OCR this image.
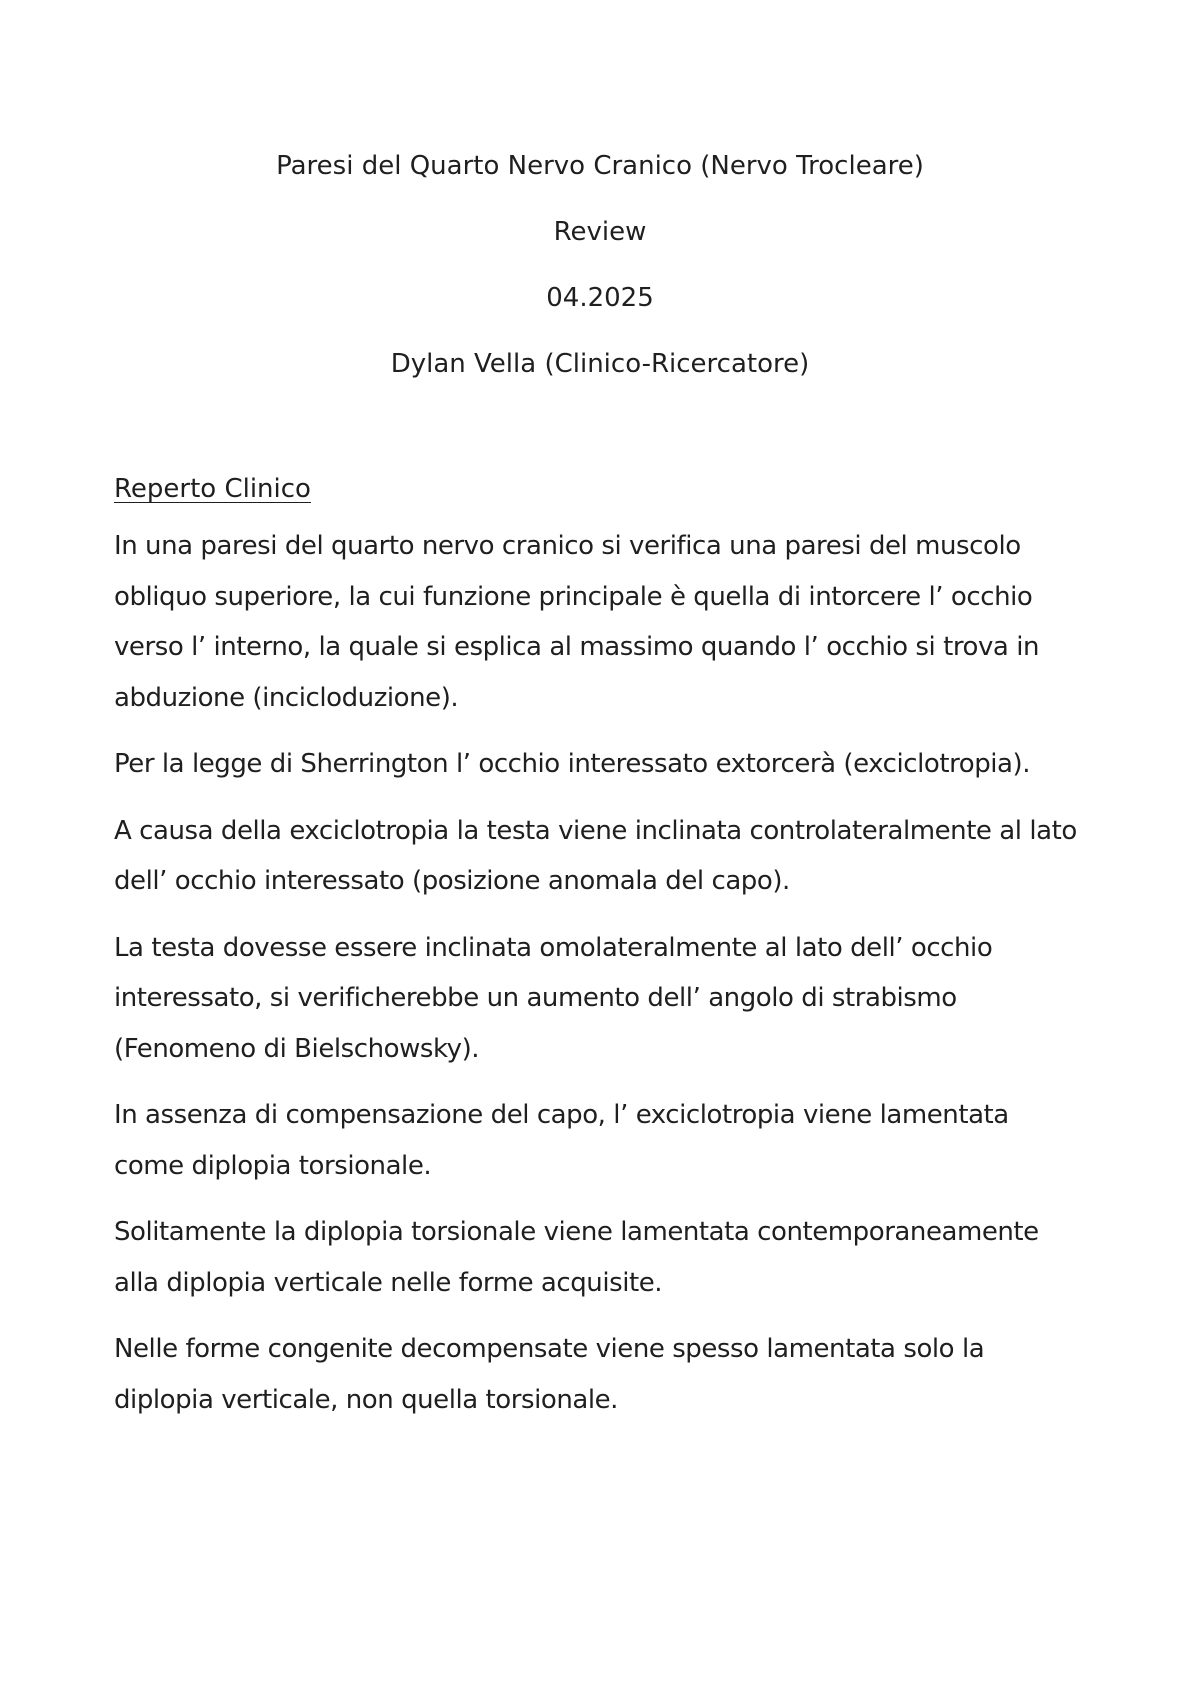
Paresi del Quarto Nervo Cranico (Nervo Trocleare)
Review
04.2025
Dylan Vella (Clinico-Ricercatore)
Reperto Clinico

In una paresi del quarto nervo cranico si verifica una paresi del muscolo obliquo superiore, la cui funzione principale è quella di intorcere l’ occhio verso l’ interno, la quale si esplica al massimo quando l’ occhio si trova in abduzione (incicloduzione).

Per la legge di Sherrington l’ occhio interessato extorcerà (exciclotropia).

A causa della exciclotropia la testa viene inclinata controlateralmente al lato dell’ occhio interessato (posizione anomala del capo).

La testa dovesse essere inclinata omolateralmente al lato dell’ occhio interessato, si verificherebbe un aumento dell’ angolo di strabismo (Fenomeno di Bielschowsky).

In assenza di compensazione del capo, l’ exciclotropia viene lamentata come diplopia torsionale.

Solitamente la diplopia torsionale viene lamentata contemporaneamente alla diplopia verticale nelle forme acquisite.

Nelle forme congenite decompensate viene spesso lamentata solo la diplopia verticale, non quella torsionale.
